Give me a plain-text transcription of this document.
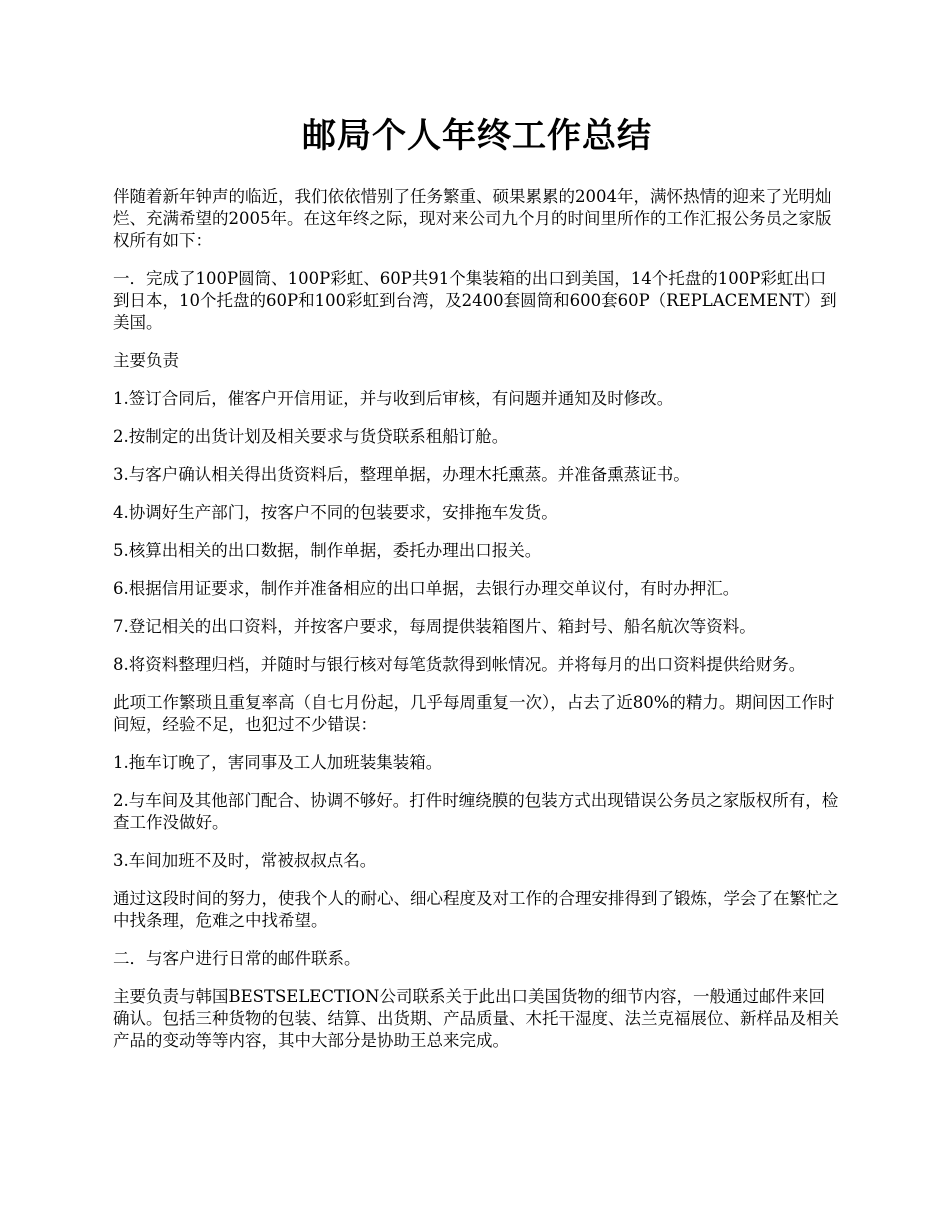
邮局个人年终工作总结

伴随着新年钟声的临近，我们依依惜别了任务繁重、硕果累累的2004年，满怀热情的迎来了光明灿烂、充满希望的2005年。在这年终之际，现对来公司九个月的时间里所作的工作汇报公务员之家版权所有如下：

一．完成了100P圆筒、100P彩虹、60P共91个集装箱的出口到美国，14个托盘的100P彩虹出口到日本，10个托盘的60P和100彩虹到台湾，及2400套圆筒和600套60P（REPLACEMENT）到美国。

主要负责

1.签订合同后，催客户开信用证，并与收到后审核，有问题并通知及时修改。

2.按制定的出货计划及相关要求与货贷联系租船订舱。

3.与客户确认相关得出货资料后，整理单据，办理木托熏蒸。并准备熏蒸证书。

4.协调好生产部门，按客户不同的包装要求，安排拖车发货。

5.核算出相关的出口数据，制作单据，委托办理出口报关。

6.根据信用证要求，制作并准备相应的出口单据，去银行办理交单议付，有时办押汇。

7.登记相关的出口资料，并按客户要求，每周提供装箱图片、箱封号、船名航次等资料。

8.将资料整理归档，并随时与银行核对每笔货款得到帐情况。并将每月的出口资料提供给财务。

此项工作繁琐且重复率高（自七月份起，几乎每周重复一次），占去了近80%的精力。期间因工作时间短，经验不足，也犯过不少错误：

1.拖车订晚了，害同事及工人加班装集装箱。

2.与车间及其他部门配合、协调不够好。打件时缠绕膜的包装方式出现错误公务员之家版权所有，检查工作没做好。

3.车间加班不及时，常被叔叔点名。

通过这段时间的努力，使我个人的耐心、细心程度及对工作的合理安排得到了锻炼，学会了在繁忙之中找条理，危难之中找希望。

二．与客户进行日常的邮件联系。

主要负责与韩国BESTSELECTION公司联系关于此出口美国货物的细节内容，一般通过邮件来回确认。包括三种货物的包装、结算、出货期、产品质量、木托干湿度、法兰克福展位、新样品及相关产品的变动等等内容，其中大部分是协助王总来完成。
